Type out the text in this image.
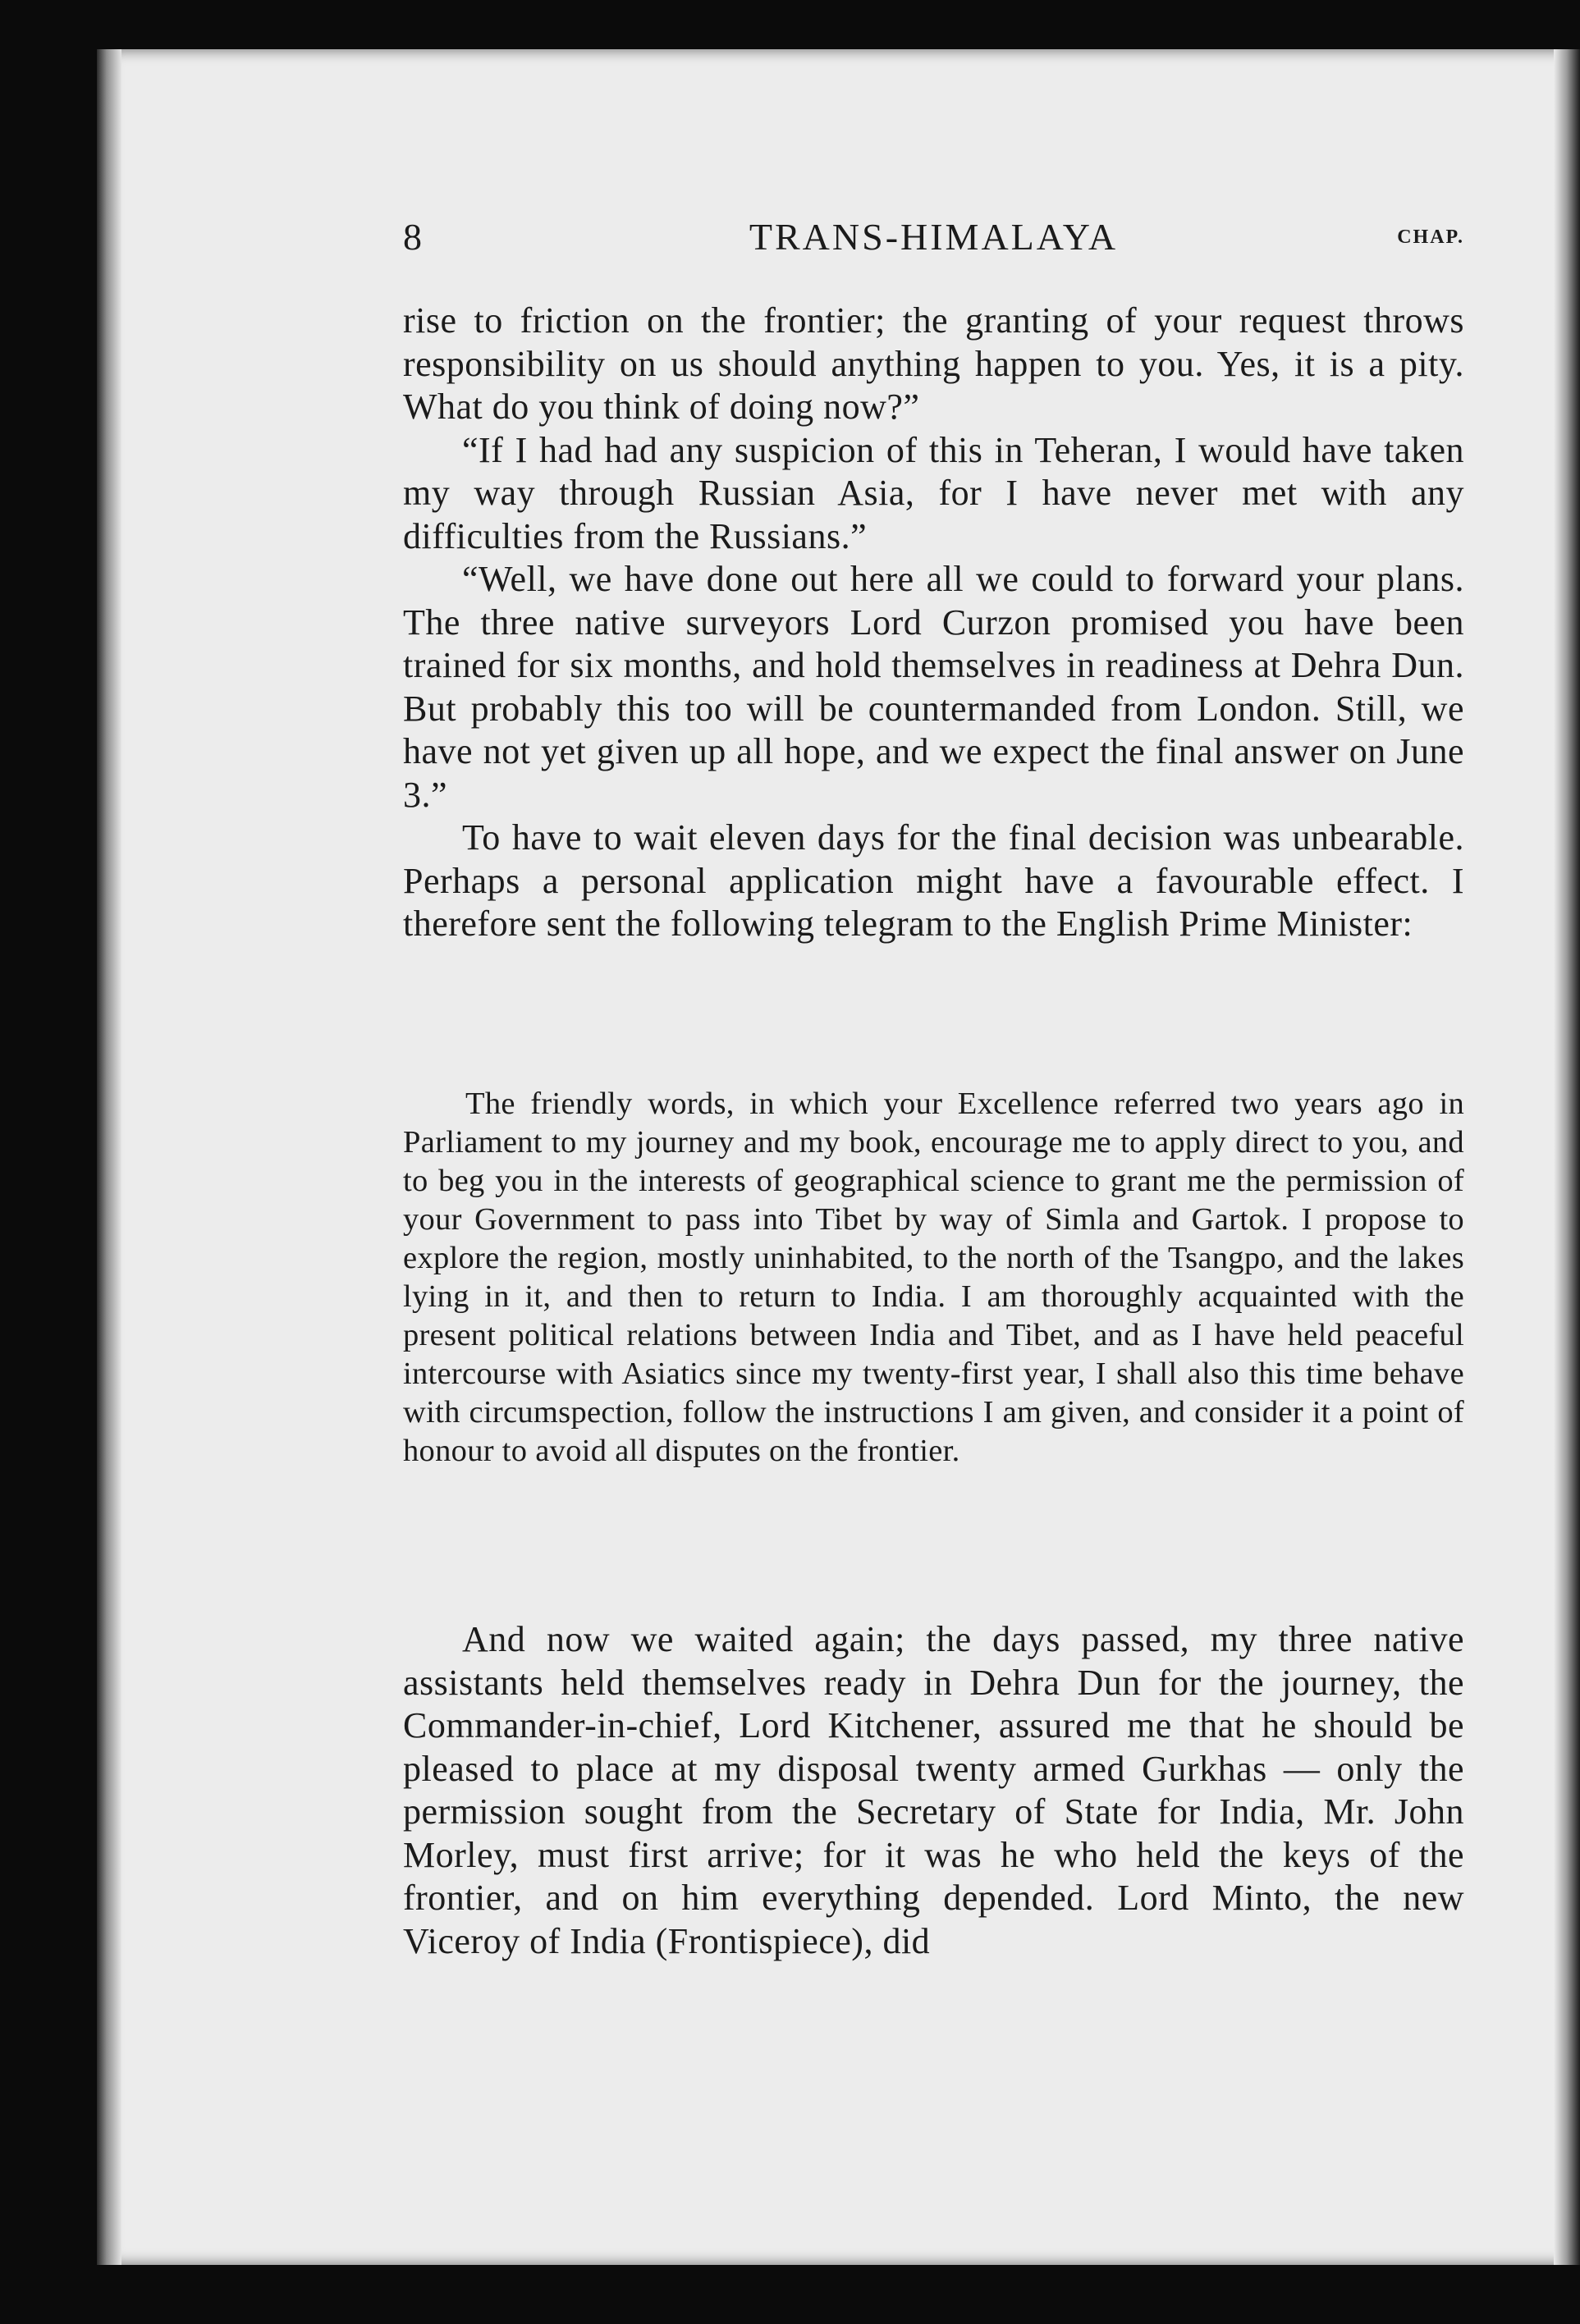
8	TRANS-HIMALAYA	CHAP.

rise to friction on the frontier; the granting of your request throws responsibility on us should anything happen to you. Yes, it is a pity. What do you think of doing now?”

“If I had had any suspicion of this in Teheran, I would have taken my way through Russian Asia, for I have never met with any difficulties from the Russians.”

“Well, we have done out here all we could to forward your plans. The three native surveyors Lord Curzon promised you have been trained for six months, and hold themselves in readiness at Dehra Dun. But probably this too will be countermanded from London. Still, we have not yet given up all hope, and we expect the final answer on June 3.”

To have to wait eleven days for the final decision was unbearable. Perhaps a personal application might have a favourable effect. I therefore sent the following telegram to the English Prime Minister:

The friendly words, in which your Excellence referred two years ago in Parliament to my journey and my book, encourage me to apply direct to you, and to beg you in the interests of geographical science to grant me the permission of your Government to pass into Tibet by way of Simla and Gartok. I propose to explore the region, mostly uninhabited, to the north of the Tsangpo, and the lakes lying in it, and then to return to India. I am thoroughly acquainted with the present political relations between India and Tibet, and as I have held peaceful intercourse with Asiatics since my twenty-first year, I shall also this time behave with circumspection, follow the instructions I am given, and consider it a point of honour to avoid all disputes on the frontier.

And now we waited again; the days passed, my three native assistants held themselves ready in Dehra Dun for the journey, the Commander-in-chief, Lord Kitchener, assured me that he should be pleased to place at my disposal twenty armed Gurkhas — only the permission sought from the Secretary of State for India, Mr. John Morley, must first arrive; for it was he who held the keys of the frontier, and on him everything depended. Lord Minto, the new Viceroy of India (Frontispiece), did
